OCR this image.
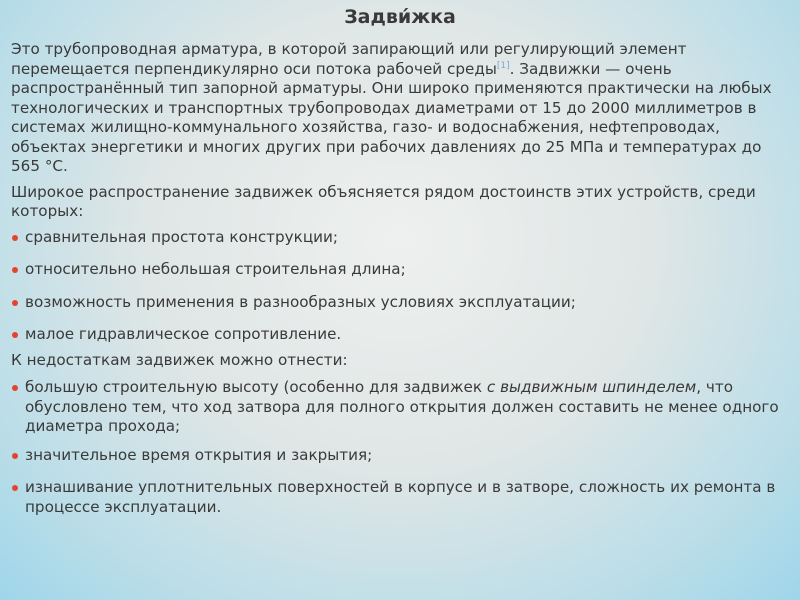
Задви́жка

Это трубопроводная арматура, в которой запирающий или регулирующий элемент перемещается перпендикулярно оси потока рабочей среды[1]. Задвижки — очень распространённый тип запорной арматуры. Они широко применяются практически на любых технологических и транспортных трубопроводах диаметрами от 15 до 2000 миллиметров в системах жилищно-коммунального хозяйства, газо- и водоснабжения, нефтепроводах, объектах энергетики и многих других при рабочих давлениях до 25 МПа и температурах до 565 °С.

Широкое распространение задвижек объясняется рядом достоинств этих устройств, среди которых:

сравнительная простота конструкции;
относительно небольшая строительная длина;
возможность применения в разнообразных условиях эксплуатации;
малое гидравлическое сопротивление.

К недостаткам задвижек можно отнести:

большую строительную высоту (особенно для задвижек с выдвижным шпинделем, что обусловлено тем, что ход затвора для полного открытия должен составить не менее одного диаметра прохода;
значительное время открытия и закрытия;
изнашивание уплотнительных поверхностей в корпусе и в затворе, сложность их ремонта в процессе эксплуатации.
